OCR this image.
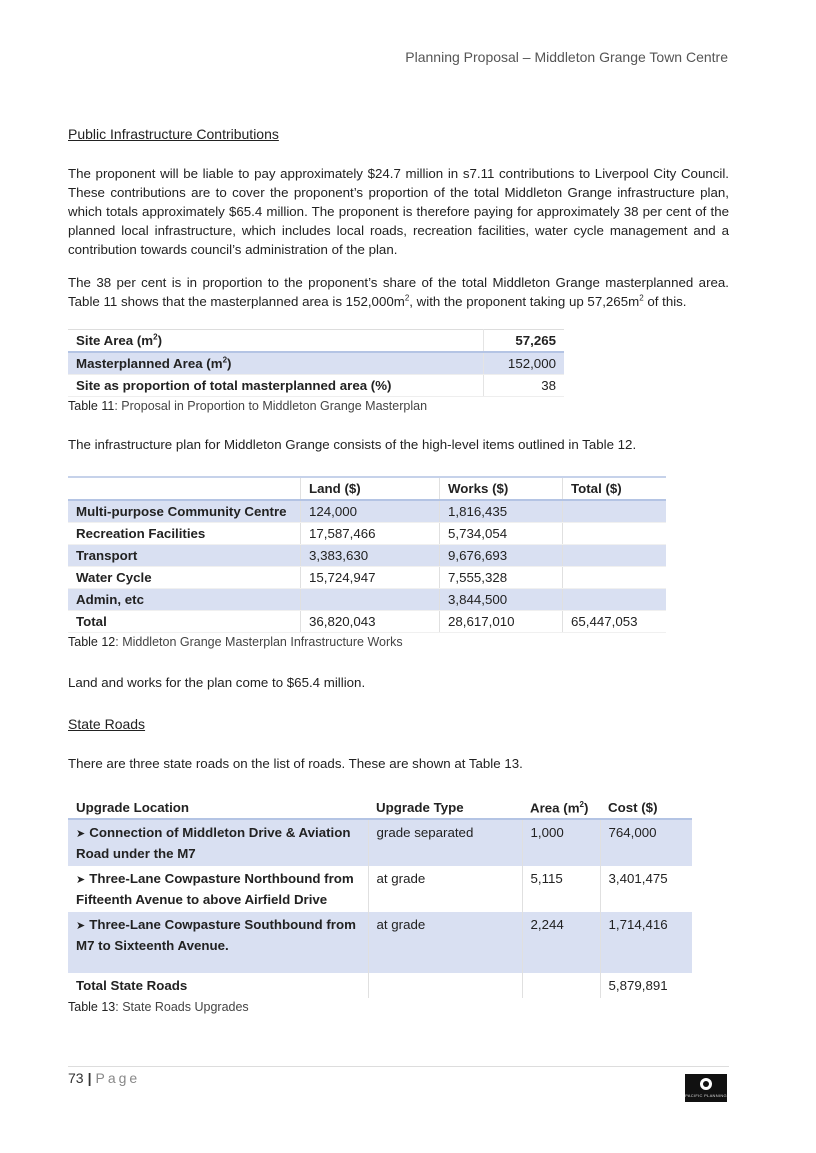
Planning Proposal – Middleton Grange Town Centre

Public Infrastructure Contributions

The proponent will be liable to pay approximately $24.7 million in s7.11 contributions to Liverpool City Council. These contributions are to cover the proponent’s proportion of the total Middleton Grange infrastructure plan, which totals approximately $65.4 million. The proponent is therefore paying for approximately 38 per cent of the planned local infrastructure, which includes local roads, recreation facilities, water cycle management and a contribution towards council’s administration of the plan.

The 38 per cent is in proportion to the proponent’s share of the total Middleton Grange masterplanned area. Table 11 shows that the masterplanned area is $152,000m^2$, with the proponent taking up $57,265m^2$ of this.

Site Area $(m^2)$	57,265
Masterplanned Area $(m^2)$	152,000
Site as proportion of total masterplanned area (%)	38

Table 11: Proposal in Proportion to Middleton Grange Masterplan

The infrastructure plan for Middleton Grange consists of the high-level items outlined in Table 12.

	Land ($)	Works ($)	Total ($)
Multi-purpose Community Centre	124,000	1,816,435	
Recreation Facilities	17,587,466	5,734,054	
Transport	3,383,630	9,676,693	
Water Cycle	15,724,947	7,555,328	
Admin, etc		3,844,500	
Total	36,820,043	28,617,010	65,447,053

Table 12: Middleton Grange Masterplan Infrastructure Works

Land and works for the plan come to $65.4 million.

State Roads

There are three state roads on the list of roads. These are shown at Table 13.

Upgrade Location	Upgrade Type	Area $(m^2)$	Cost ($)
➤ Connection of Middleton Drive & Aviation Road under the M7	grade separated	1,000	764,000
➤ Three-Lane Cowpasture Northbound from Fifteenth Avenue to above Airfield Drive	at grade	5,115	3,401,475
➤ Three-Lane Cowpasture Southbound from M7 to Sixteenth Avenue.	at grade	2,244	1,714,416
Total State Roads			5,879,891

Table 13: State Roads Upgrades

73 | Page
PACIFIC PLANNING
